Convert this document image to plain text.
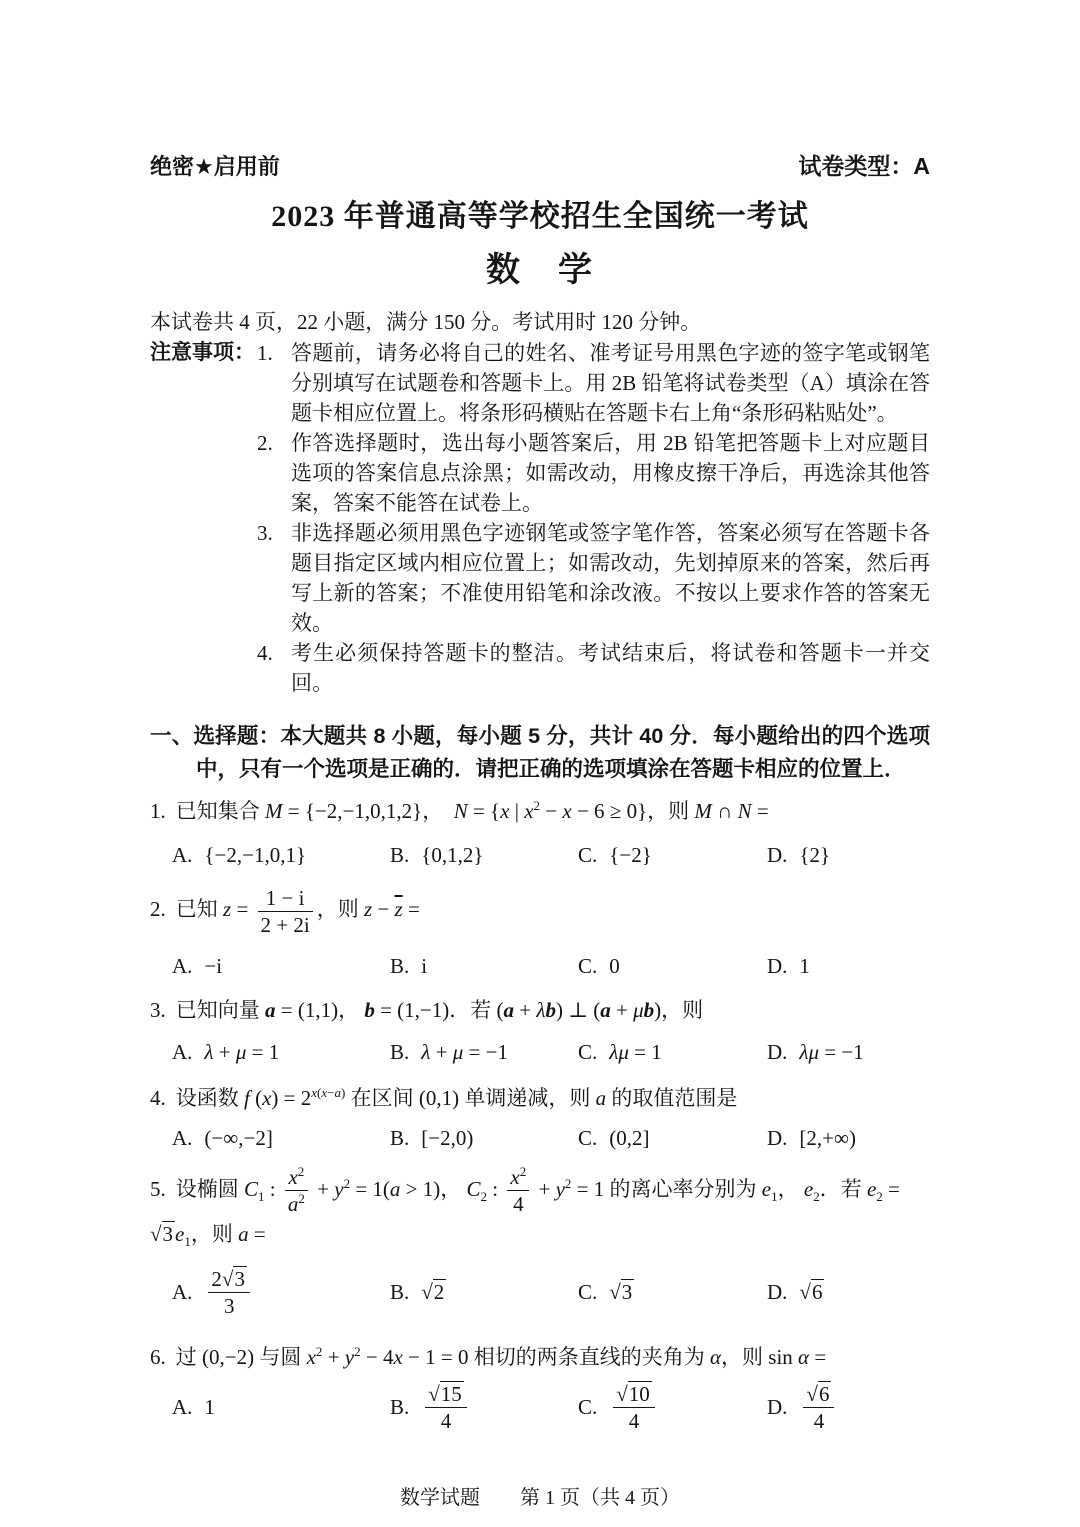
绝密★启用前	试卷类型：A
2023 年普通高等学校招生全国统一考试
数　学
本试卷共 4 页，22 小题，满分 150 分。考试用时 120 分钟。
注意事项： 1. 答题前，请务必将自己的姓名、准考证号用黑色字迹的签字笔或钢笔分别填写在试题卷和答题卡上。用 2B 铅笔将试卷类型（A）填涂在答题卡相应位置上。将条形码横贴在答题卡右上角“条形码粘贴处”。
2. 作答选择题时，选出每小题答案后，用 2B 铅笔把答题卡上对应题目选项的答案信息点涂黑；如需改动，用橡皮擦干净后，再选涂其他答案，答案不能答在试卷上。
3. 非选择题必须用黑色字迹钢笔或签字笔作答，答案必须写在答题卡各题目指定区域内相应位置上；如需改动，先划掉原来的答案，然后再写上新的答案；不准使用铅笔和涂改液。不按以上要求作答的答案无效。
4. 考生必须保持答题卡的整洁。考试结束后，将试卷和答题卡一并交回。
一、选择题：本大题共 8 小题，每小题 5 分，共计 40 分．每小题给出的四个选项中，只有一个选项是正确的．请把正确的选项填涂在答题卡相应的位置上．
1. 已知集合 M = {−2,−1,0,1,2}，  N = {x | $x^2 - x - 6 \ge 0$}，则 M ∩ N =
A. {−2,−1,0,1}	B. {0,1,2}	C. {−2}	D. {2}
2. 已知 $z = \frac{1 - i}{2 + 2i}$ ，则 $z - \overline{z}$ =
A. −i	B. i	C. 0	D. 1
3. 已知向量 a = (1,1)， b = (1,−1)．若 (a + λb) ⊥ (a + μb)，则
A. λ + μ = 1	B. λ + μ = −1	C. λμ = 1	D. λμ = −1
4. 设函数 f $(x) = 2^{x(x-a)}$ 在区间 (0,1) 单调递减，则 a 的取值范围是
A. (−∞,−2]	B. [−2,0)	C. (0,2]	D. [2,+∞)
5. 设椭圆 $C_1$ : $\frac{x^2}{a^2} + y^2 = 1(a > 1)$， $C_2$ : $\frac{x^2}{4} + y^2 = 1$ 的离心率分别为 $e_1$， $e_2$．若 $e_2$ = √ $3e_1$，则 a =
A. $\frac{2 √ 3}{3}$	B.	√ 2	C.	√ 3	D.	√ 6
6. 过 (0,−2) 与圆 $x^2 + y^2 - 4x - 1 = 0$ 相切的两条直线的夹角为 α，则 sin α =
A. 1	B. √ $\frac{15}{4}$	C. √ $\frac{10}{4}$	D. √ $\frac{6}{4}$
数学试题　　第 1 页（共 4 页）
